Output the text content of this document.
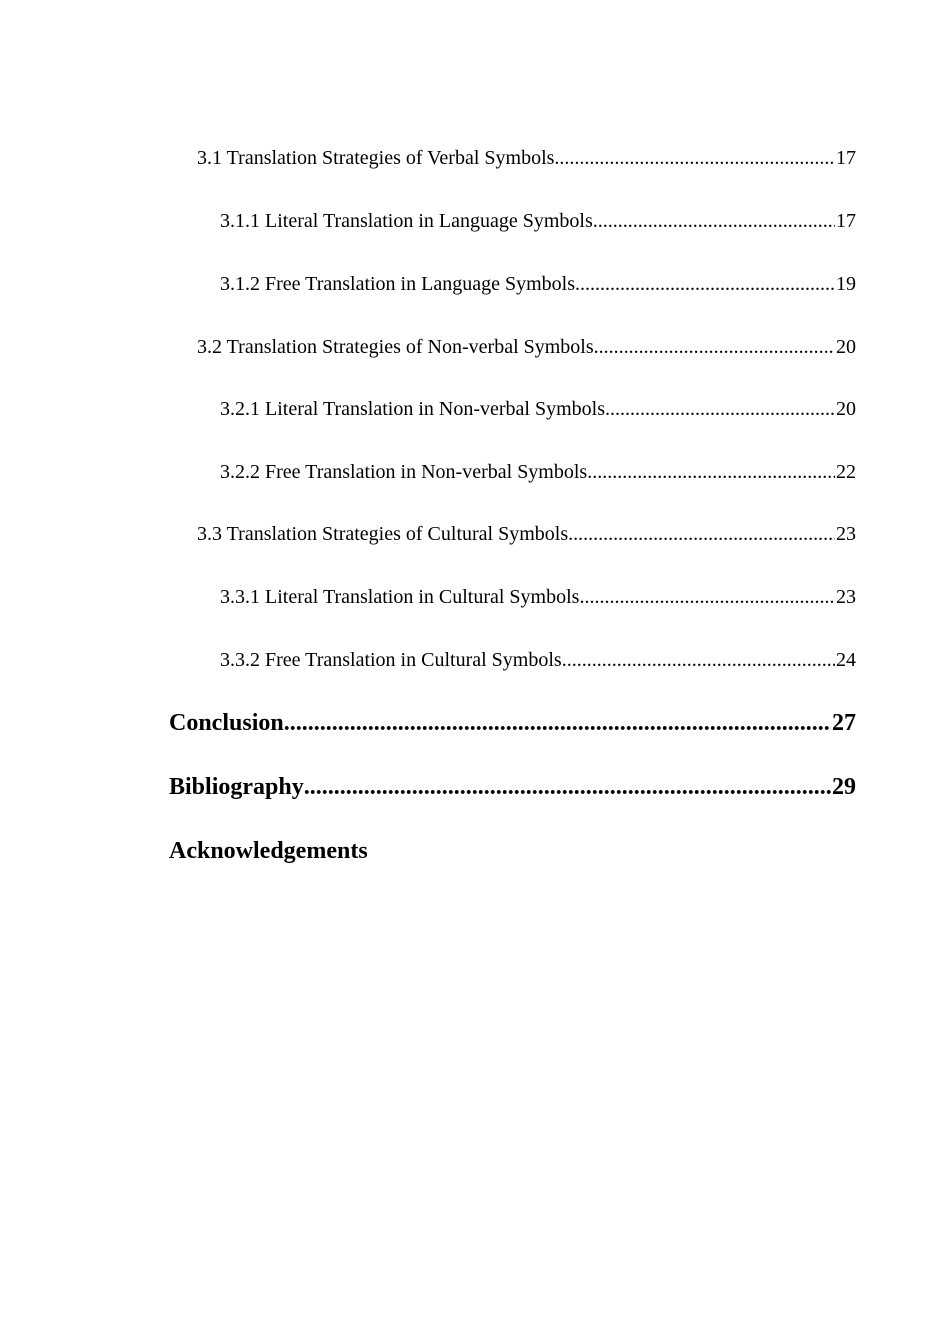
3.1 Translation Strategies of Verbal Symbols .....	17
3.1.1 Literal Translation in Language Symbols .....	17
3.1.2 Free Translation in Language Symbols .....	19
3.2 Translation Strategies of Non-verbal Symbols .....	20
3.2.1 Literal Translation in Non-verbal Symbols .....	20
3.2.2 Free Translation in Non-verbal Symbols .....	22
3.3 Translation Strategies of Cultural Symbols .....	23
3.3.1 Literal Translation in Cultural Symbols .....	23
3.3.2 Free Translation in Cultural Symbols .....	24
Conclusion .....	27
Bibliography .....	29
Acknowledgements
